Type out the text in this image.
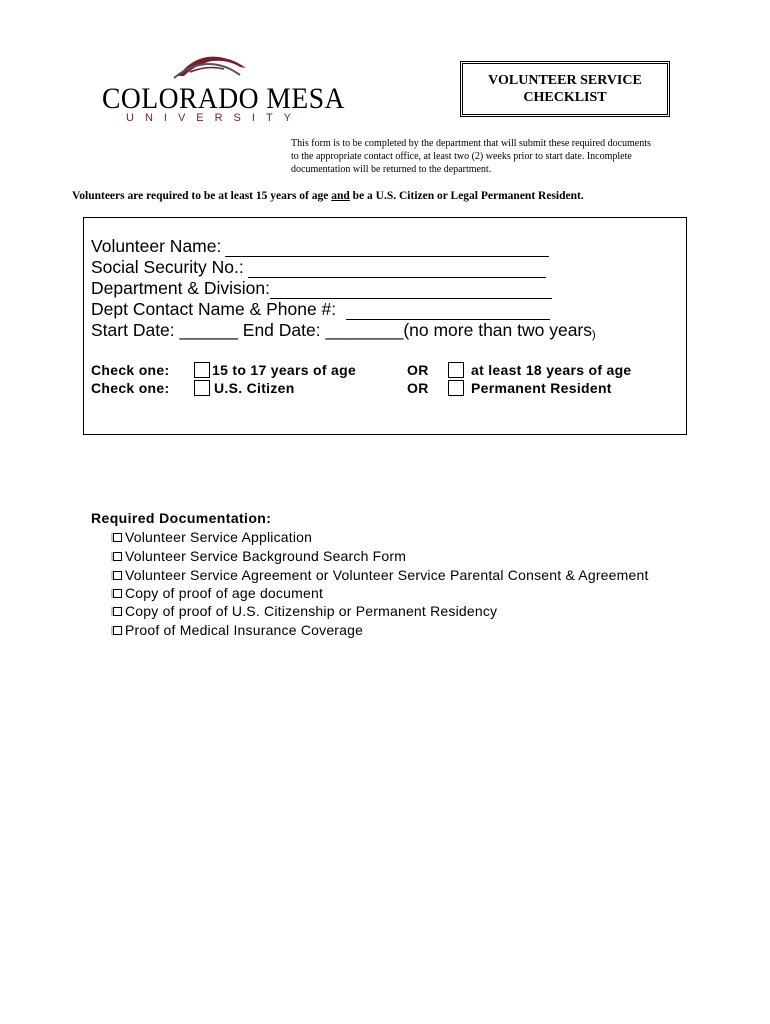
COLORADO MESA
UNIVERSITY
VOLUNTEER SERVICE
CHECKLIST
This form is to be completed by the department that will submit these required documents
to the appropriate contact office, at least two (2) weeks prior to start date. Incomplete
documentation will be returned to the department.
Volunteers are required to be at least 15 years of age and be a U.S. Citizen or Legal Permanent Resident.
Volunteer Name:
Social Security No.:
Department & Division:
Dept Contact Name & Phone #:
Start Date: ______ End Date: ________(no more than two years )
Check one:	15 to 17 years of age	OR	at least 18 years of age
Check one:	U.S. Citizen	OR	Permanent Resident
Required Documentation:
Volunteer Service Application
Volunteer Service Background Search Form
Volunteer Service Agreement or Volunteer Service Parental Consent & Agreement
Copy of proof of age document
Copy of proof of U.S. Citizenship or Permanent Residency
Proof of Medical Insurance Coverage
